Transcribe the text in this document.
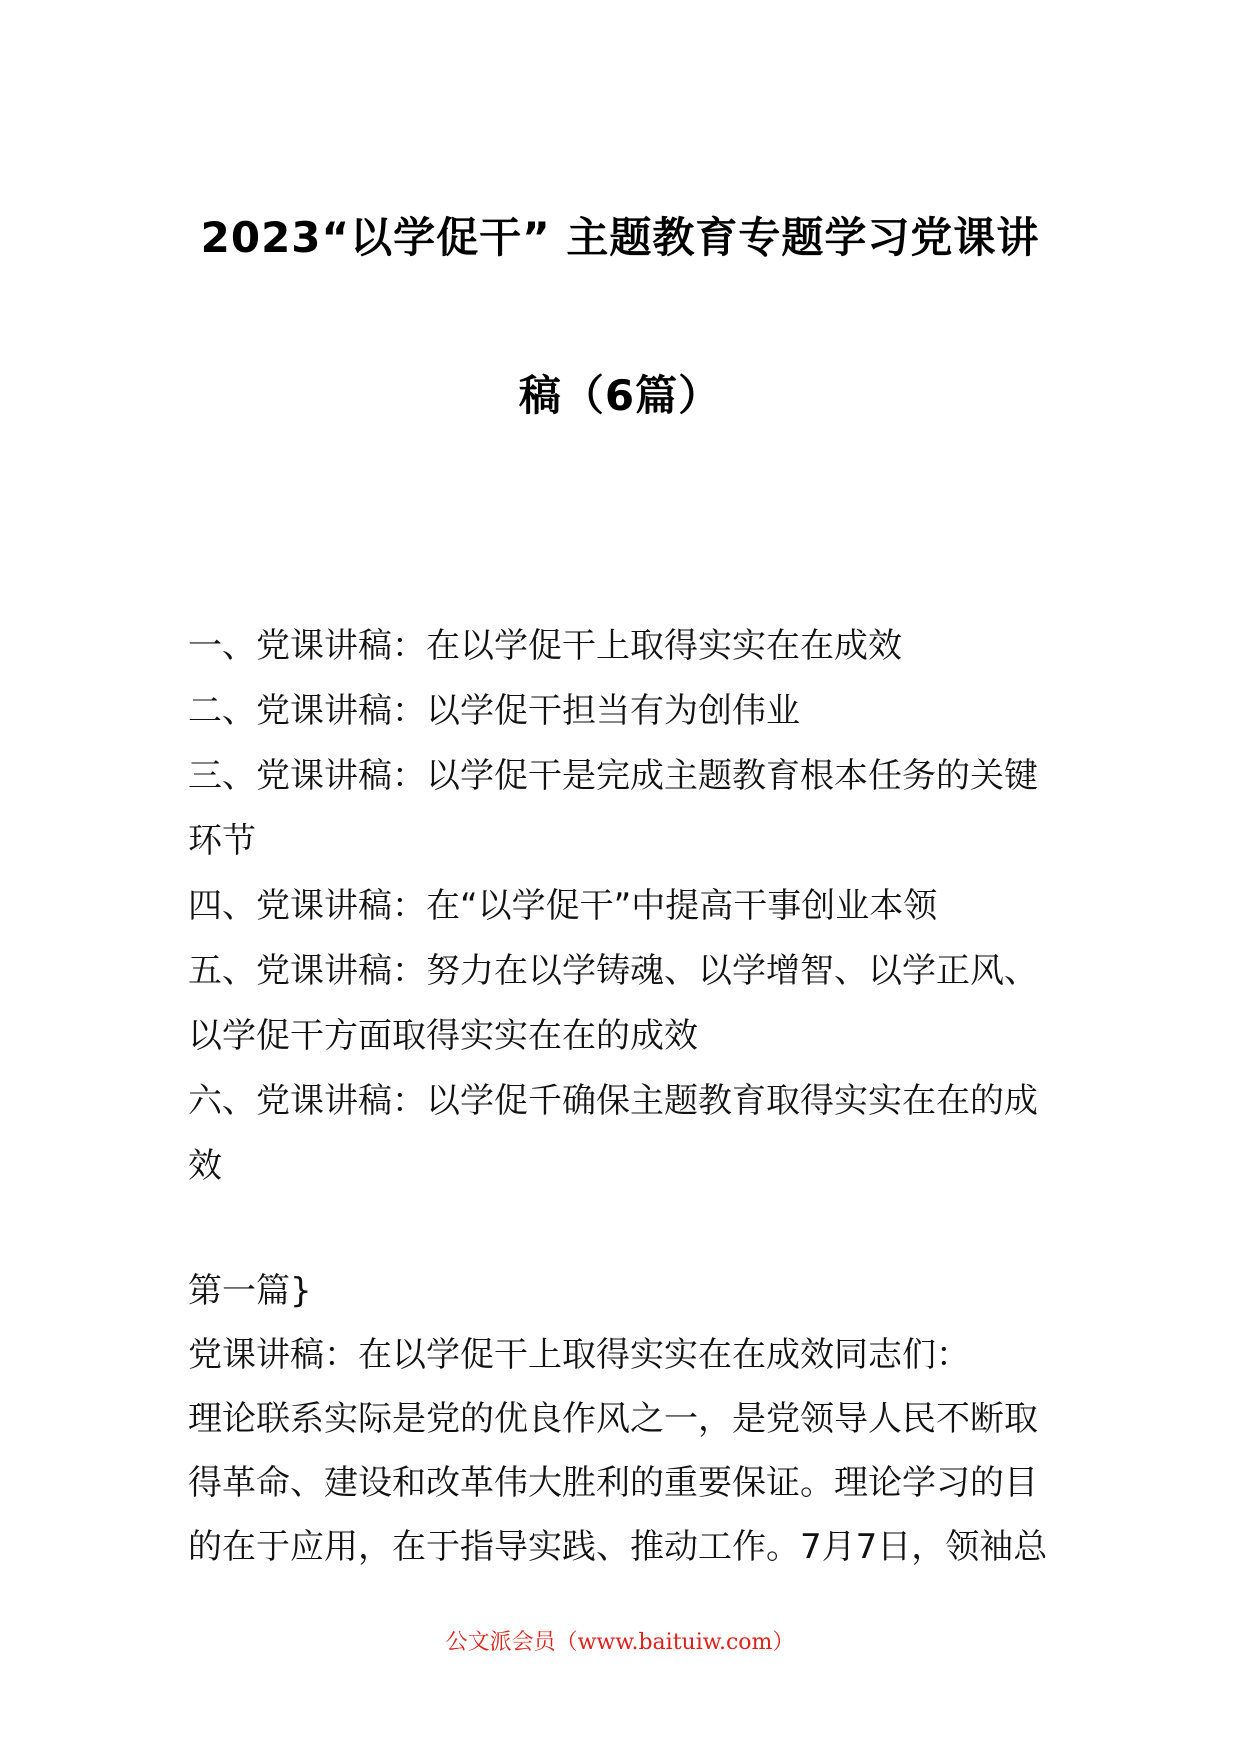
2023“以学促干” 主题教育专题学习党课讲
稿（6篇）
一、党课讲稿：在以学促干上取得实实在在成效
二、党课讲稿：以学促干担当有为创伟业
三、党课讲稿：以学促干是完成主题教育根本任务的关键
环节
四、党课讲稿：在“以学促干”中提高干事创业本领
五、党课讲稿：努力在以学铸魂、以学增智、以学正风、
以学促干方面取得实实在在的成效
六、党课讲稿：以学促千确保主题教育取得实实在在的成
效
第一篇}
党课讲稿：在以学促干上取得实实在在成效同志们：
理论联系实际是党的优良作风之一，是党领导人民不断取
得革命、建设和改革伟大胜利的重要保证。理论学习的目
的在于应用，在于指导实践、推动工作。7月7日，领袖总
公文派会员（www.baituiw.com）
